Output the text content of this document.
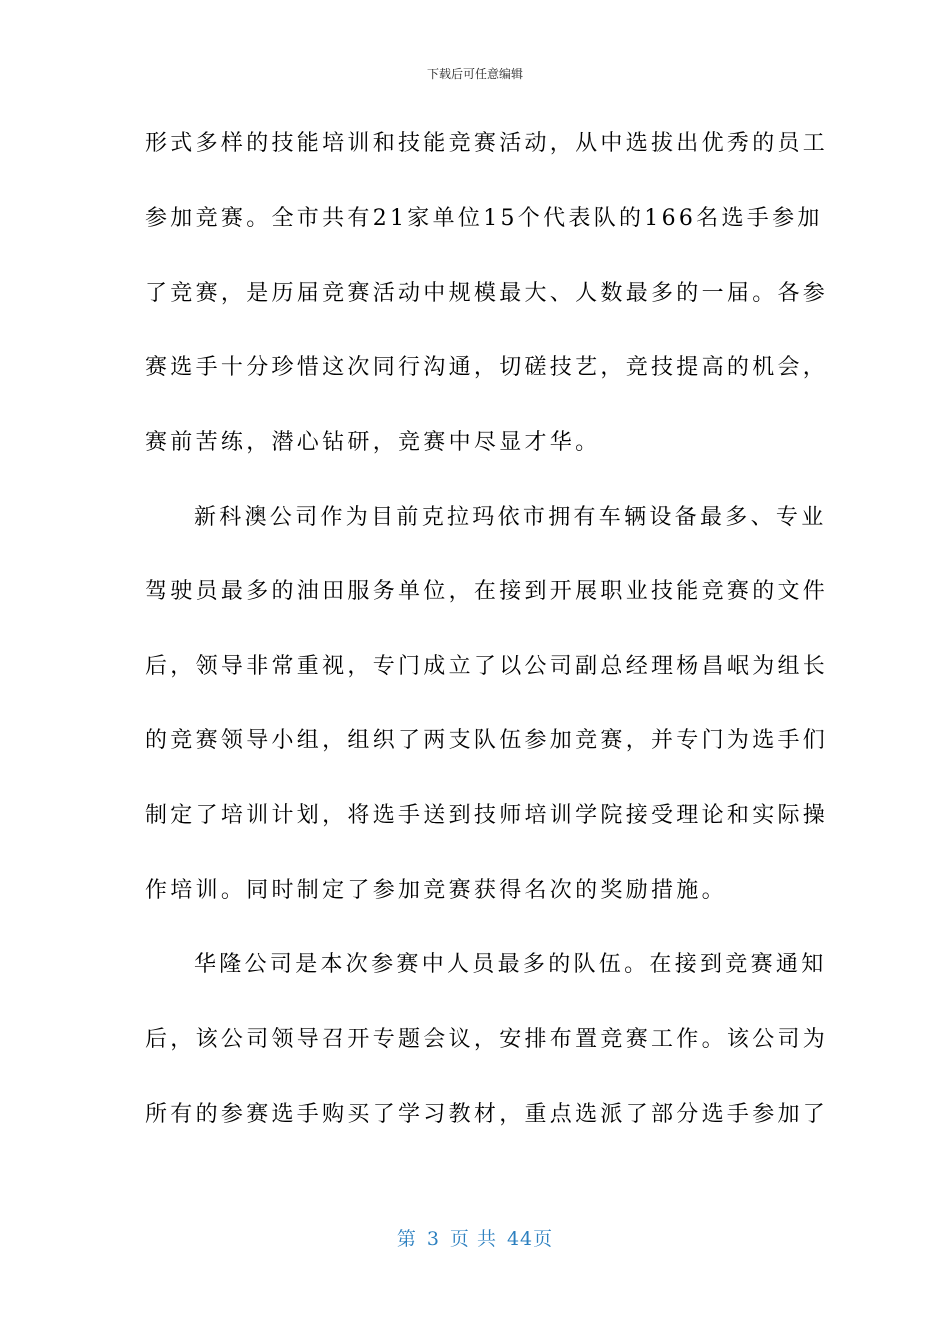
下载后可任意编辑
形式多样的技能培训和技能竞赛活动，从中选拔出优秀的员工
参加竞赛。全市共有21家单位15个代表队的166名选手参加
了竞赛，是历届竞赛活动中规模最大、人数最多的一届。各参
赛选手十分珍惜这次同行沟通，切磋技艺，竞技提高的机会，
赛前苦练，潜心钻研，竞赛中尽显才华。
新科澳公司作为目前克拉玛依市拥有车辆设备最多、专业
驾驶员最多的油田服务单位，在接到开展职业技能竞赛的文件
后，领导非常重视，专门成立了以公司副总经理杨昌岷为组长
的竞赛领导小组，组织了两支队伍参加竞赛，并专门为选手们
制定了培训计划，将选手送到技师培训学院接受理论和实际操
作培训。同时制定了参加竞赛获得名次的奖励措施。
华隆公司是本次参赛中人员最多的队伍。在接到竞赛通知
后，该公司领导召开专题会议，安排布置竞赛工作。该公司为
所有的参赛选手购买了学习教材，重点选派了部分选手参加了
第 3 页 共 44页
